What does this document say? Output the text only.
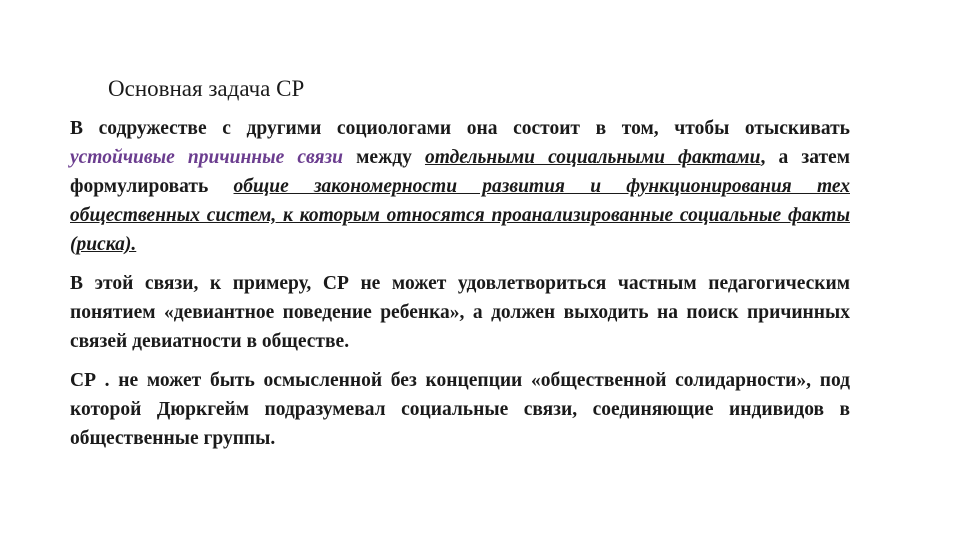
Основная задача СР

В содружестве с другими социологами она состоит в том, чтобы отыскивать устойчивые причинные связи между отдельными социальными фактами, а затем формулировать общие закономерности развития и функционирования тех общественных систем, к которым относятся проанализированные социальные факты (риска).

В этой связи, к примеру, СР не может удовлетвориться частным педагогическим понятием «девиантное поведение ребенка», а должен выходить на поиск причинных связей девиатности в обществе.

СР . не может быть осмысленной без концепции «общественной солидарности», под которой Дюркгейм подразумевал социальные связи, соединяющие индивидов в общественные группы.
